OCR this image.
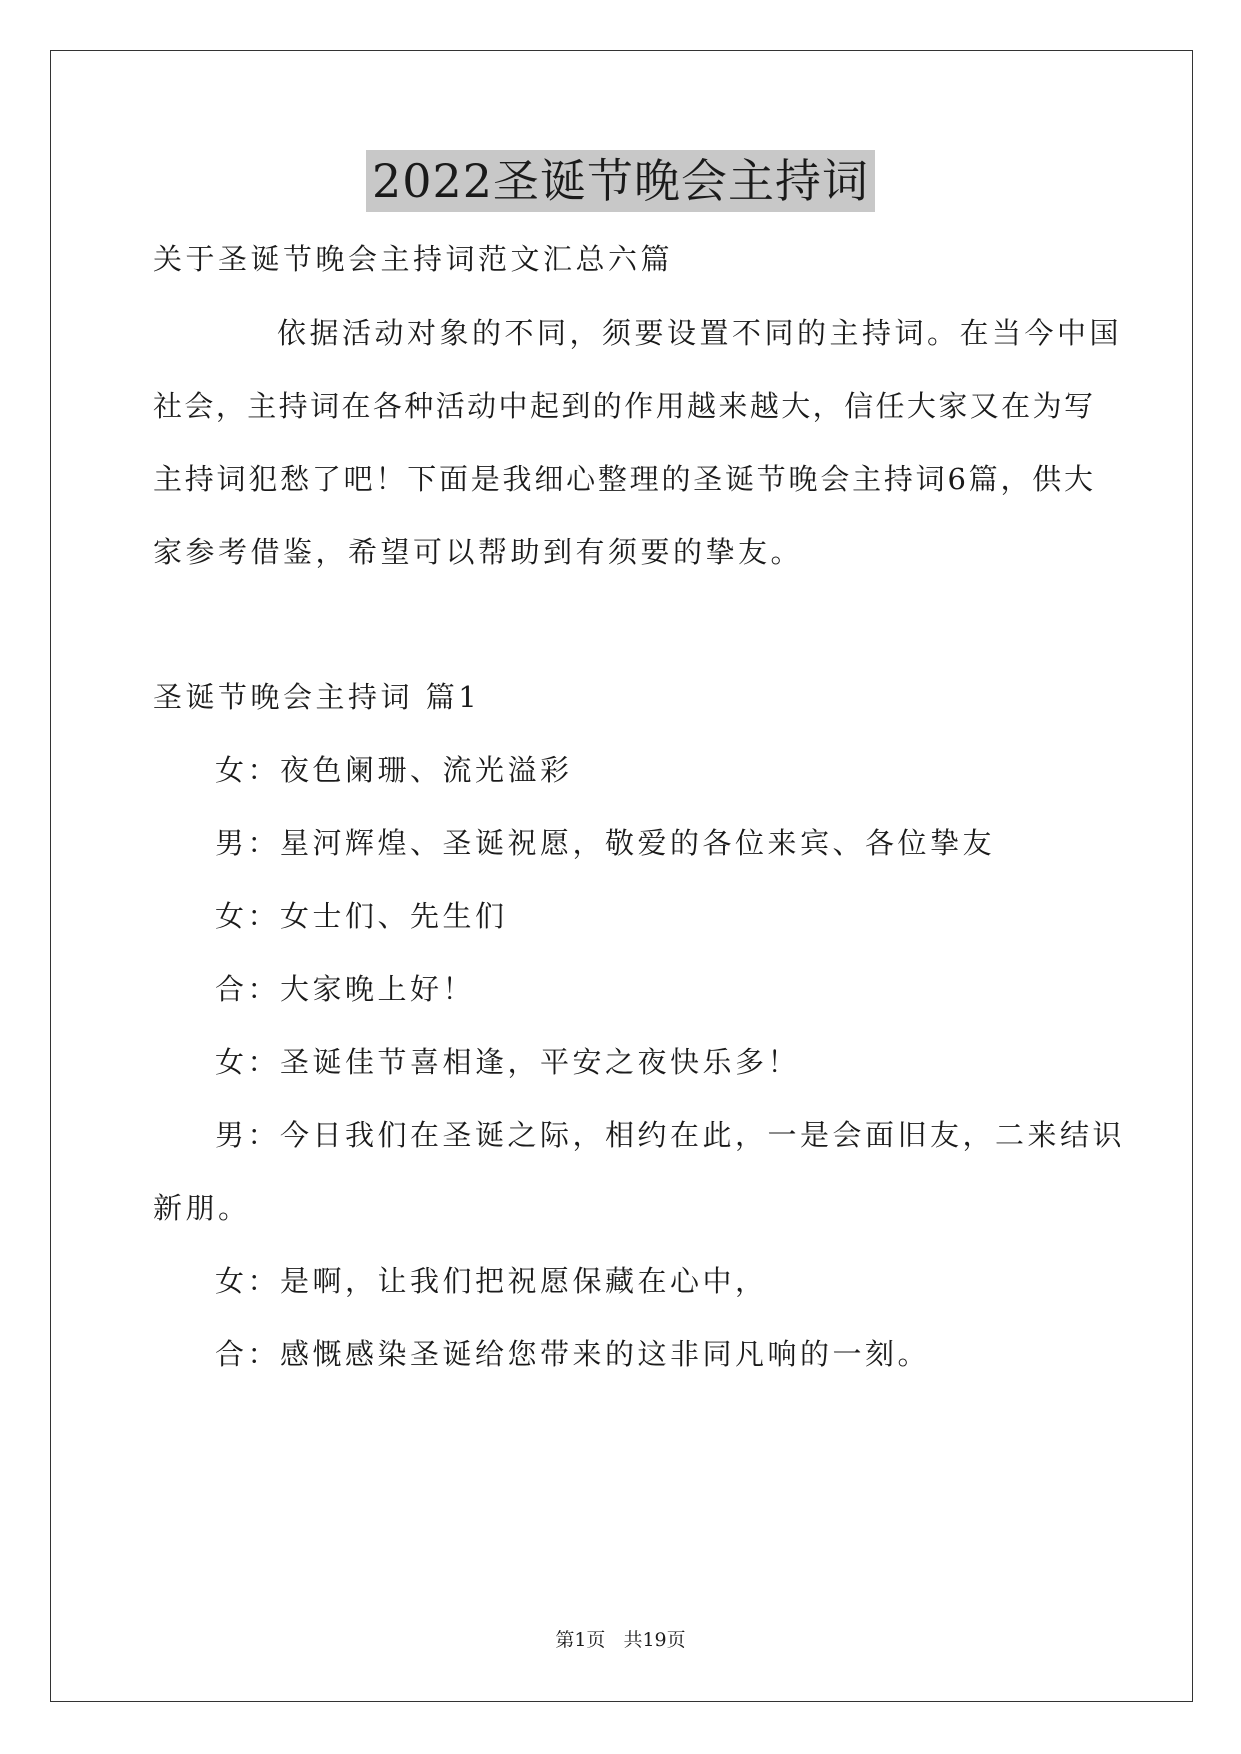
2022圣诞节晚会主持词
关于圣诞节晚会主持词范文汇总六篇
依据活动对象的不同，须要设置不同的主持词。在当今中国
社会，主持词在各种活动中起到的作用越来越大，信任大家又在为写
主持词犯愁了吧！下面是我细心整理的圣诞节晚会主持词6篇，供大
家参考借鉴，希望可以帮助到有须要的挚友。
圣诞节晚会主持词 篇1
女：夜色阑珊、流光溢彩
男：星河辉煌、圣诞祝愿，敬爱的各位来宾、各位挚友
女：女士们、先生们
合：大家晚上好！
女：圣诞佳节喜相逢，平安之夜快乐多！
男：今日我们在圣诞之际，相约在此，一是会面旧友，二来结识
新朋。
女：是啊，让我们把祝愿保藏在心中，
合：感慨感染圣诞给您带来的这非同凡响的一刻。
第1页 共19页
